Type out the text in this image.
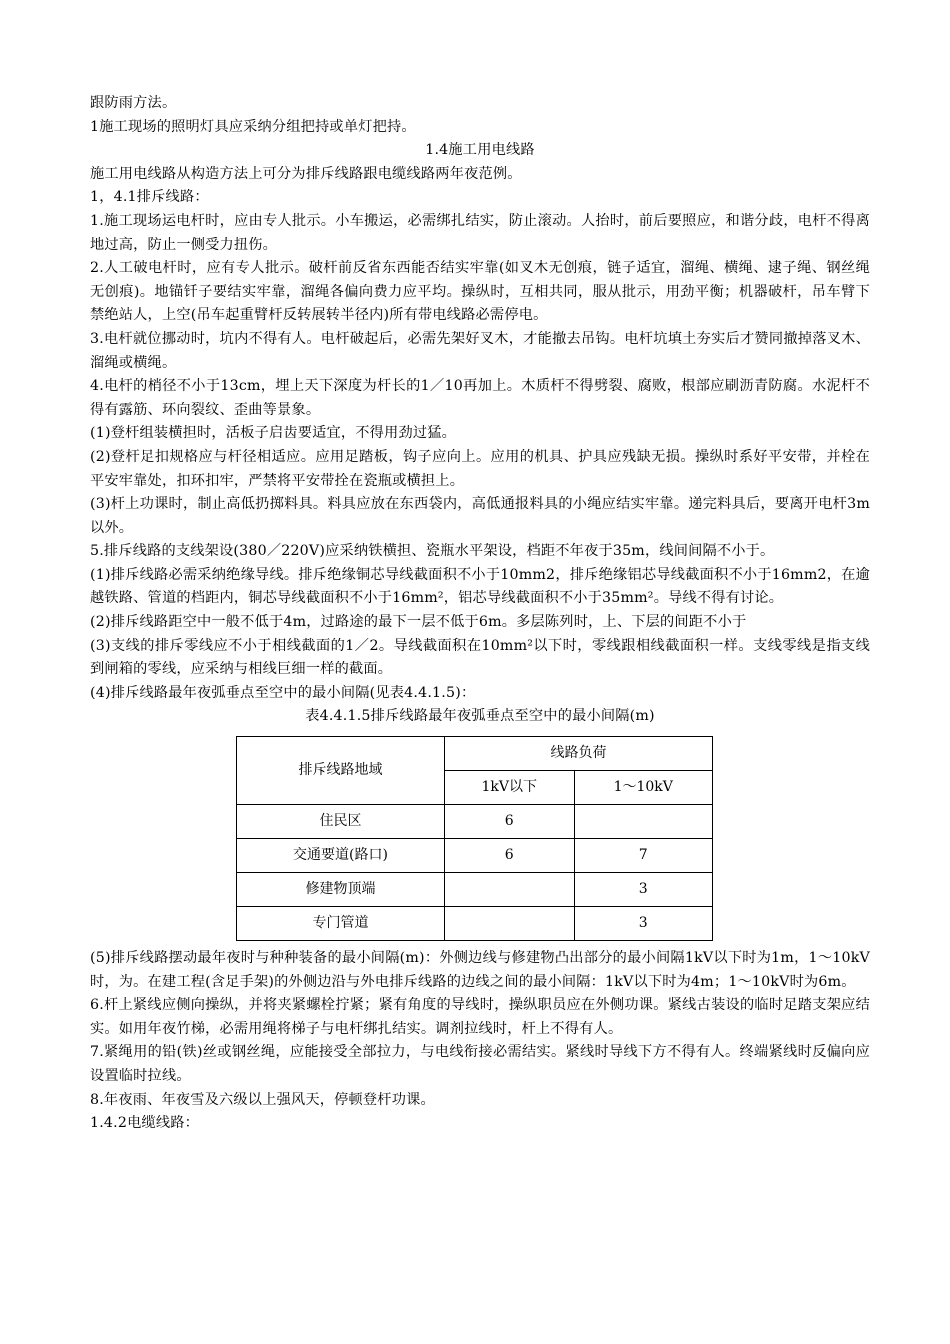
跟防雨方法。

1施工现场的照明灯具应采纳分组把持或单灯把持。

1.4施工用电线路

施工用电线路从构造方法上可分为排斥线路跟电缆线路两年夜范例。

1，4.1排斥线路：

1.施工现场运电杆时，应由专人批示。小车搬运，必需绑扎结实，防止滚动。人抬时，前后要照应，和谐分歧，电杆不得离地过高，防止一侧受力扭伤。

2.人工破电杆时，应有专人批示。破杆前反省东西能否结实牢靠(如叉木无创痕，链子适宜，溜绳、横绳、逮子绳、钢丝绳无创痕)。地锚钎子要结实牢靠，溜绳各偏向费力应平均。操纵时，互相共同，服从批示，用劲平衡；机器破杆，吊车臂下禁绝站人，上空(吊车起重臂杆反转展转半径内)所有带电线路必需停电。

3.电杆就位挪动时，坑内不得有人。电杆破起后，必需先架好叉木，才能撤去吊钩。电杆坑填土夯实后才赞同撤掉落叉木、溜绳或横绳。

4.电杆的梢径不小于13cm，埋上天下深度为杆长的1／10再加上。木质杆不得劈裂、腐败，根部应刷沥青防腐。水泥杆不得有露筋、环向裂纹、歪曲等景象。

(1)登杆组装横担时，活板子启齿要适宜，不得用劲过猛。

(2)登杆足扣规格应与杆径相适应。应用足踏板，钩子应向上。应用的机具、护具应残缺无损。操纵时系好平安带，并栓在平安牢靠处，扣环扣牢，严禁将平安带拴在瓷瓶或横担上。

(3)杆上功课时，制止高低扔掷料具。料具应放在东西袋内，高低通报料具的小绳应结实牢靠。递完料具后，要离开电杆3m以外。

5.排斥线路的支线架设(380／220V)应采纳铁横担、瓷瓶水平架设，档距不年夜于35m，线间间隔不小于。

(1)排斥线路必需采纳绝缘导线。排斥绝缘铜芯导线截面积不小于10mm2，排斥绝缘铝芯导线截面积不小于16mm2，在逾越铁路、管道的档距内，铜芯导线截面积不小于16mm²，铝芯导线截面积不小于35mm²。导线不得有讨论。

(2)排斥线路距空中一般不低于4m，过路途的最下一层不低于6m。多层陈列时，上、下层的间距不小于

(3)支线的排斥零线应不小于相线截面的1／2。导线截面积在10mm²以下时，零线跟相线截面积一样。支线零线是指支线到闸箱的零线，应采纳与相线巨细一样的截面。

(4)排斥线路最年夜弧垂点至空中的最小间隔(见表4.4.1.5)：

表4.4.1.5排斥线路最年夜弧垂点至空中的最小间隔(m)

排斥线路地域	线路负荷	
	1kV以下	1～10kV
住民区	6	
交通要道(路口)	6	7
修建物顶端		3
专门管道		3

(5)排斥线路摆动最年夜时与种种装备的最小间隔(m)：外侧边线与修建物凸出部分的最小间隔1kV以下时为1m，1～10kV时，为。在建工程(含足手架)的外侧边沿与外电排斥线路的边线之间的最小间隔：1kV以下时为4m；1～10kV时为6m。

6.杆上紧线应侧向操纵，并将夹紧螺栓拧紧；紧有角度的导线时，操纵职员应在外侧功课。紧线古装设的临时足踏支架应结实。如用年夜竹梯，必需用绳将梯子与电杆绑扎结实。调剂拉线时，杆上不得有人。

7.紧绳用的铅(铁)丝或钢丝绳，应能接受全部拉力，与电线衔接必需结实。紧线时导线下方不得有人。终端紧线时反偏向应设置临时拉线。

8.年夜雨、年夜雪及六级以上强风天，停顿登杆功课。

1.4.2电缆线路：
